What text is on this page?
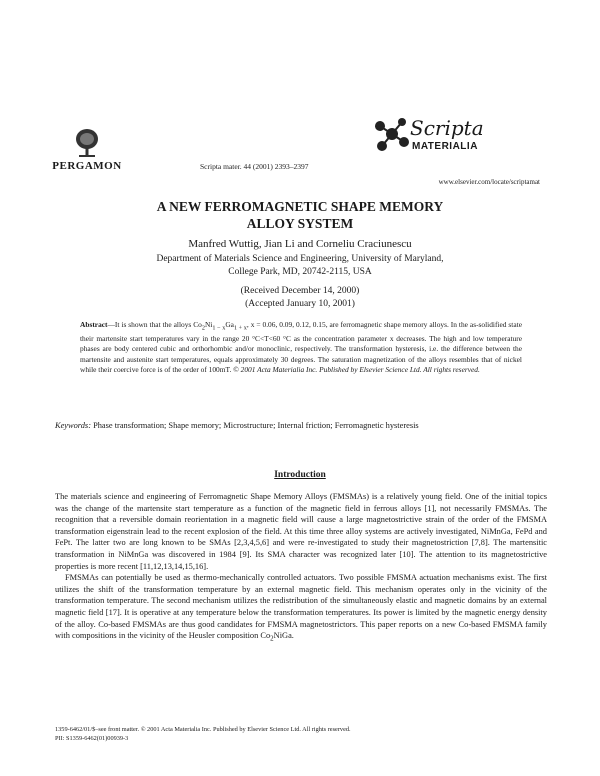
PERGAMON	Scripta mater. 44 (2001) 2393–2397
Scripta
MATERIALIA
www.elsevier.com/locate/scriptamat
A NEW FERROMAGNETIC SHAPE MEMORY
ALLOY SYSTEM
Manfred Wuttig, Jian Li and Corneliu Craciunescu
Department of Materials Science and Engineering, University of Maryland,
College Park, MD, 20742-2115, USA
(Received December 14, 2000)
(Accepted January 10, 2001)
Abstract—It is shown that the alloys $Co_2Ni_{1 - x}Ga_{1 + x}$, x = 0.06, 0.09, 0.12, 0.15, are ferromagnetic shape memory alloys. In the as-solidified state their martensite start temperatures vary in the range 20 °C<T<60 °C as the concentration parameter x decreases. The high and low temperature phases are body centered cubic and orthorhombic and/or monoclinic, respectively. The transformation hysteresis, i.e. the difference between the martensite and austenite start temperatures, equals approximately 30 degrees. The saturation magnetization of the alloys resembles that of nickel while their coercive force is of the order of 100mT. © 2001 Acta Materialia Inc. Published by Elsevier Science Ltd. All rights reserved.
Keywords: Phase transformation; Shape memory; Microstructure; Internal friction; Ferromagnetic hysteresis
Introduction

The materials science and engineering of Ferromagnetic Shape Memory Alloys (FMSMAs) is a relatively young field. One of the initial topics was the change of the martensite start temperature as a function of the magnetic field in ferrous alloys [1], not necessarily FMSMAs. The recognition that a reversible domain reorientation in a magnetic field will cause a large magnetostrictive strain of the order of the FMSMA transformation eigenstrain lead to the recent explosion of the field. At this time three alloy systems are actively investigated, NiMnGa, FePd and FePt. The latter two are long known to be SMAs [2,3,4,5,6] and were re-investigated to study their magnetostriction [7,8]. The martensitic transformation in NiMnGa was discovered in 1984 [9]. Its SMA character was recognized later [10]. The attention to its magnetostrictive properties is more recent [11,12,13,14,15,16].

FMSMAs can potentially be used as thermo-mechanically controlled actuators. Two possible FMSMA actuation mechanisms exist. The first utilizes the shift of the transformation temperature by an external magnetic field. This mechanism operates only in the vicinity of the transformation temperature. The second mechanism utilizes the redistribution of the simultaneously elastic and magnetic domains by an external magnetic field [17]. It is operative at any temperature below the transformation temperatures. Its power is limited by the magnetic energy density of the alloy. Co-based FMSMAs are thus good candidates for FMSMA magnetostrictors. This paper reports on a new Co-based FMSMA family with compositions in the vicinity of the Heusler composition $Co_2NiGa$.

1359-6462/01/$–see front matter. © 2001 Acta Materialia Inc. Published by Elsevier Science Ltd. All rights reserved.
PII: S1359-6462(01)00939-3
